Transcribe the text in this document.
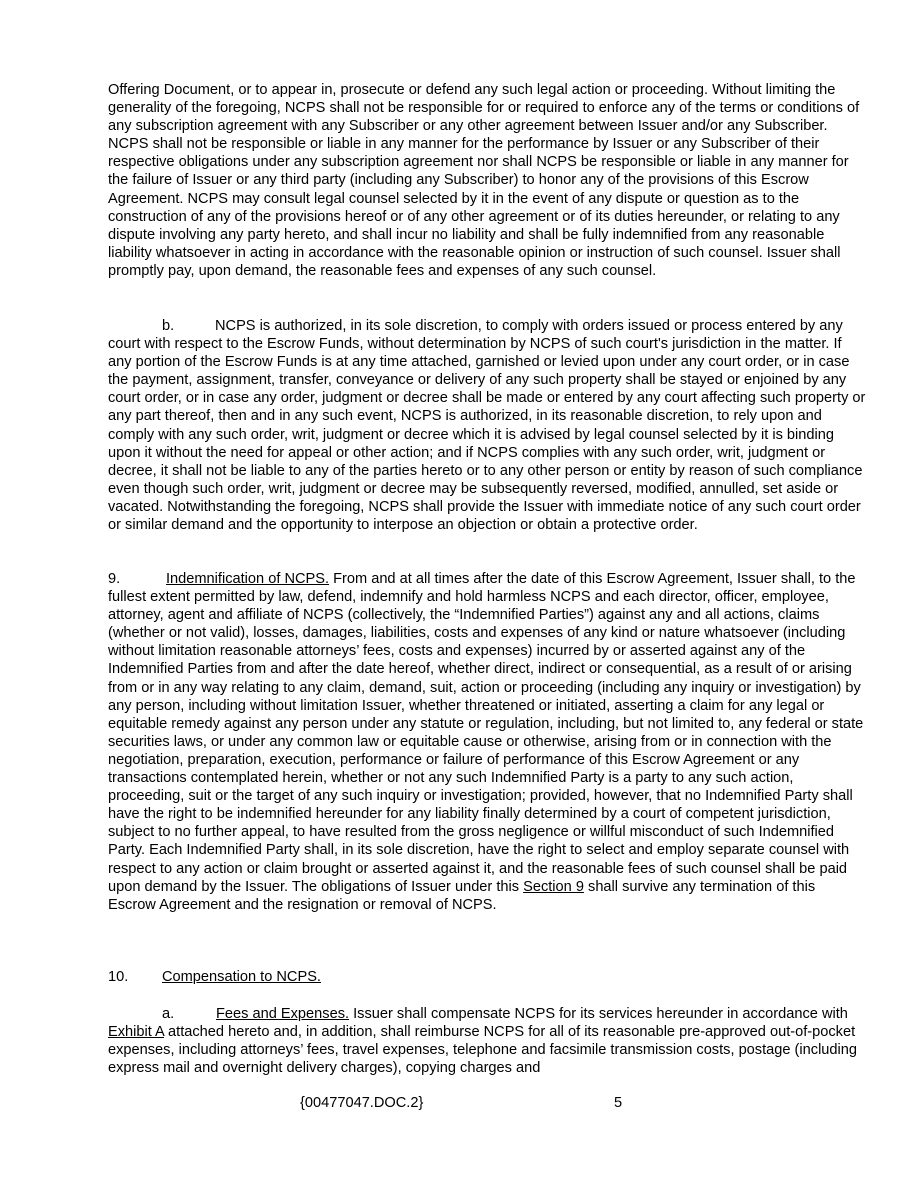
Offering Document, or to appear in, prosecute or defend any such legal action or proceeding. Without limiting the generality of the foregoing, NCPS shall not be responsible for or required to enforce any of the terms or conditions of any subscription agreement with any Subscriber or any other agreement between Issuer and/or any Subscriber. NCPS shall not be responsible or liable in any manner for the performance by Issuer or any Subscriber of their respective obligations under any subscription agreement nor shall NCPS be responsible or liable in any manner for the failure of Issuer or any third party (including any Subscriber) to honor any of the provisions of this Escrow Agreement. NCPS may consult legal counsel selected by it in the event of any dispute or question as to the construction of any of the provisions hereof or of any other agreement or of its duties hereunder, or relating to any dispute involving any party hereto, and shall incur no liability and shall be fully indemnified from any reasonable liability whatsoever in acting in accordance with the reasonable opinion or instruction of such counsel. Issuer shall promptly pay, upon demand, the reasonable fees and expenses of any such counsel.

b.	NCPS is authorized, in its sole discretion, to comply with orders issued or process entered by any court with respect to the Escrow Funds, without determination by NCPS of such court's jurisdiction in the matter. If any portion of the Escrow Funds is at any time attached, garnished or levied upon under any court order, or in case the payment, assignment, transfer, conveyance or delivery of any such property shall be stayed or enjoined by any court order, or in case any order, judgment or decree shall be made or entered by any court affecting such property or any part thereof, then and in any such event, NCPS is authorized, in its reasonable discretion, to rely upon and comply with any such order, writ, judgment or decree which it is advised by legal counsel selected by it is binding upon it without the need for appeal or other action; and if NCPS complies with any such order, writ, judgment or decree, it shall not be liable to any of the parties hereto or to any other person or entity by reason of such compliance even though such order, writ, judgment or decree may be subsequently reversed, modified, annulled, set aside or vacated. Notwithstanding the foregoing, NCPS shall provide the Issuer with immediate notice of any such court order or similar demand and the opportunity to interpose an objection or obtain a protective order.

9.	Indemnification of NCPS. From and at all times after the date of this Escrow Agreement, Issuer shall, to the fullest extent permitted by law, defend, indemnify and hold harmless NCPS and each director, officer, employee, attorney, agent and affiliate of NCPS (collectively, the “Indemnified Parties”) against any and all actions, claims (whether or not valid), losses, damages, liabilities, costs and expenses of any kind or nature whatsoever (including without limitation reasonable attorneys’ fees, costs and expenses) incurred by or asserted against any of the Indemnified Parties from and after the date hereof, whether direct, indirect or consequential, as a result of or arising from or in any way relating to any claim, demand, suit, action or proceeding (including any inquiry or investigation) by any person, including without limitation Issuer, whether threatened or initiated, asserting a claim for any legal or equitable remedy against any person under any statute or regulation, including, but not limited to, any federal or state securities laws, or under any common law or equitable cause or otherwise, arising from or in connection with the negotiation, preparation, execution, performance or failure of performance of this Escrow Agreement or any transactions contemplated herein, whether or not any such Indemnified Party is a party to any such action, proceeding, suit or the target of any such inquiry or investigation; provided, however, that no Indemnified Party shall have the right to be indemnified hereunder for any liability finally determined by a court of competent jurisdiction, subject to no further appeal, to have resulted from the gross negligence or willful misconduct of such Indemnified Party. Each Indemnified Party shall, in its sole discretion, have the right to select and employ separate counsel with respect to any action or claim brought or asserted against it, and the reasonable fees of such counsel shall be paid upon demand by the Issuer. The obligations of Issuer under this Section 9 shall survive any termination of this Escrow Agreement and the resignation or removal of NCPS.

10. Compensation to NCPS.

a.	Fees and Expenses. Issuer shall compensate NCPS for its services hereunder in accordance with Exhibit A attached hereto and, in addition, shall reimburse NCPS for all of its reasonable pre-approved out-of-pocket expenses, including attorneys’ fees, travel expenses, telephone and facsimile transmission costs, postage (including express mail and overnight delivery charges), copying charges and

{00477047.DOC.2}	5
